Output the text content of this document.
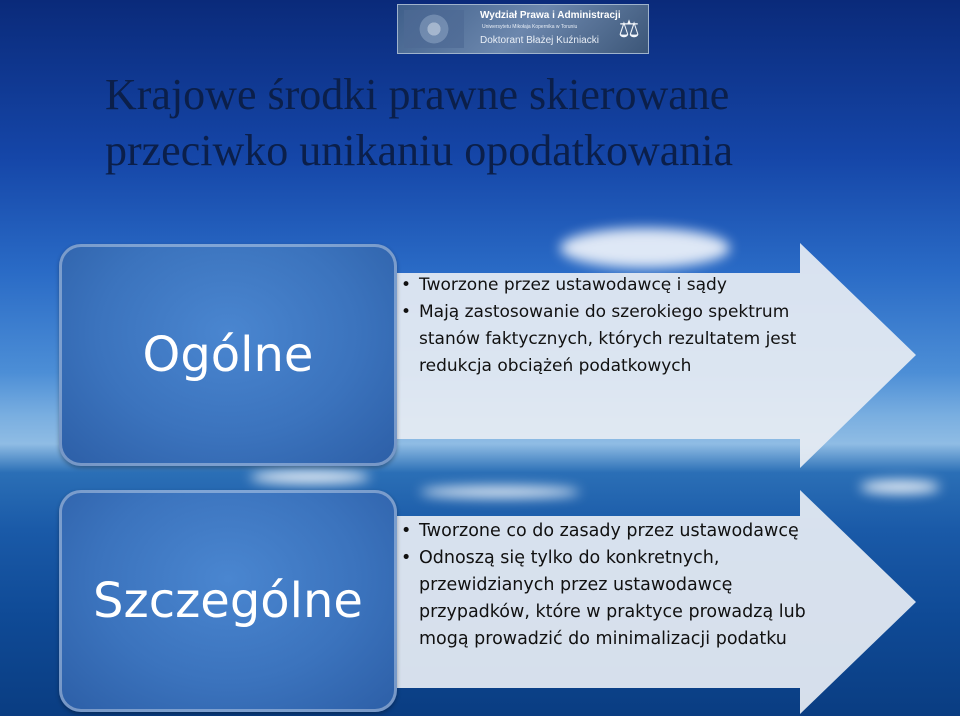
Wydział Prawa i Administracji
Uniwersytetu Mikołaja Kopernika w Toruniu
Doktorant Błażej Kuźniacki ⚖
Krajowe środki prawne skierowane
przeciwko unikaniu opodatkowania
Ogólne
Szczególne
• Tworzone przez ustawodawcę i sądy
• Mają zastosowanie do szerokiego spektrum stanów faktycznych, których rezultatem jest redukcja obciążeń podatkowych
• Tworzone co do zasady przez ustawodawcę
• Odnoszą się tylko do konkretnych, przewidzianych przez ustawodawcę przypadków, które w praktyce prowadzą lub mogą prowadzić do minimalizacji podatku
